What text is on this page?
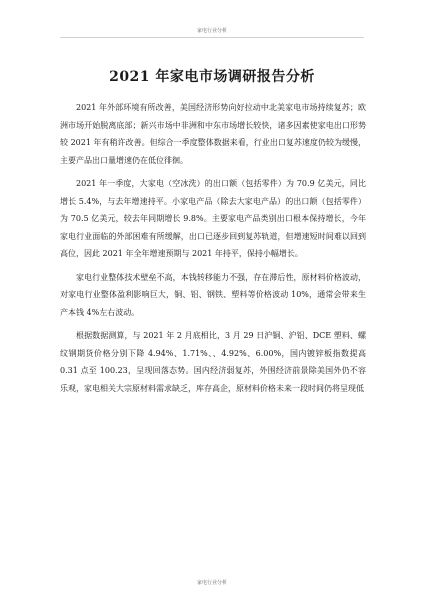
家电行业分析
2021 年家电市场调研报告分析

2021 年外部环境有所改善，美国经济形势向好拉动中北美家电市场持续复苏；欧洲市场开始脱离底部；新兴市场中非洲和中东市场增长较快，诸多因素使家电出口形势较 2021 年有稍许改善。但综合一季度整体数据来看，行业出口复苏速度仍较为缓慢，主要产品出口量增速仍在低位徘徊。

2021 年一季度，大家电（空冰洗）的出口额（包括零件）为 70.9 亿美元，同比增长 5.4%，与去年增速持平。小家电产品（除去大家电产品）的出口额（包括零件）为 70.5 亿美元，较去年同期增长 9.8%。主要家电产品类别出口根本保持增长，今年家电行业面临的外部困难有所缓解，出口已逐步回到复苏轨道，但增速短时间难以回到高位，因此 2021 年全年增速预期与 2021 年持平，保持小幅增长。

家电行业整体技术壁垒不高，本钱转移能力不强，存在滞后性，原材料价格波动，对家电行业整体盈利影响巨大，铜、铝、钢铁、塑料等价格波动 10%，通常会带来生产本钱 4%左右波动。

根据数据测算，与 2021 年 2 月底相比，3 月 29 日沪铜、沪铝、DCE 塑料、螺纹钢期货价格分别下降 4.94%、1.71%、、4.92%、6.00%，国内镀锌板指数提高 0.31 点至 100.23，呈现回落态势。国内经济弱复苏，外围经济前景除美国外仍不容乐观，家电相关大宗原材料需求缺乏，库存高企，原材料价格未来一段时间仍将呈现低

家电行业分析
